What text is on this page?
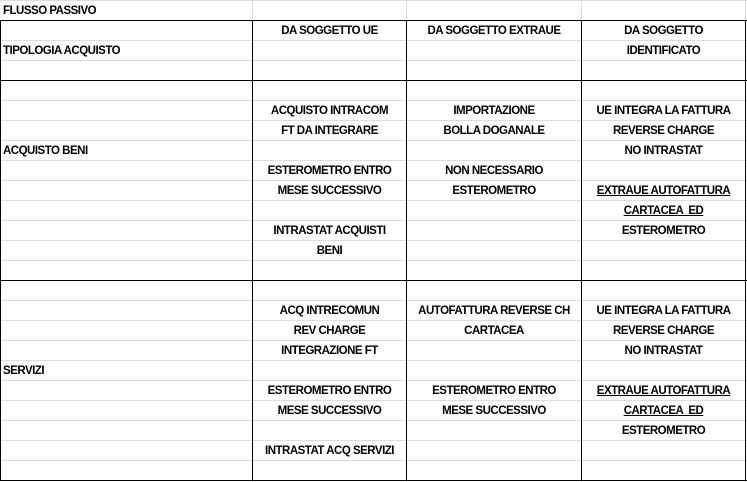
FLUSSO PASSIVO
TIPOLOGIA ACQUISTO
ACQUISTO BENI
SERVIZI
DA SOGGETTO UE	DA SOGGETTO EXTRAUE	DA SOGGETTO
IDENTIFICATO
ACQUISTO INTRACOM
FT DA INTEGRARE
ESTEROMETRO ENTRO
MESE SUCCESSIVO
INTRASTAT ACQUISTI
BENI
IMPORTAZIONE
BOLLA DOGANALE
NON NECESSARIO
ESTEROMETRO
UE INTEGRA LA FATTURA
REVERSE CHARGE
NO INTRASTAT
EXTRAUE AUTOFATTURA
CARTACEA  ED
ESTEROMETRO
ACQ INTRECOMUN
REV CHARGE
INTEGRAZIONE FT
ESTEROMETRO ENTRO
MESE SUCCESSIVO
INTRASTAT ACQ SERVIZI
AUTOFATTURA REVERSE CH
CARTACEA
ESTEROMETRO ENTRO
MESE SUCCESSIVO
UE INTEGRA LA FATTURA
REVERSE CHARGE
NO INTRASTAT
EXTRAUE AUTOFATTURA
CARTACEA  ED
ESTEROMETRO
